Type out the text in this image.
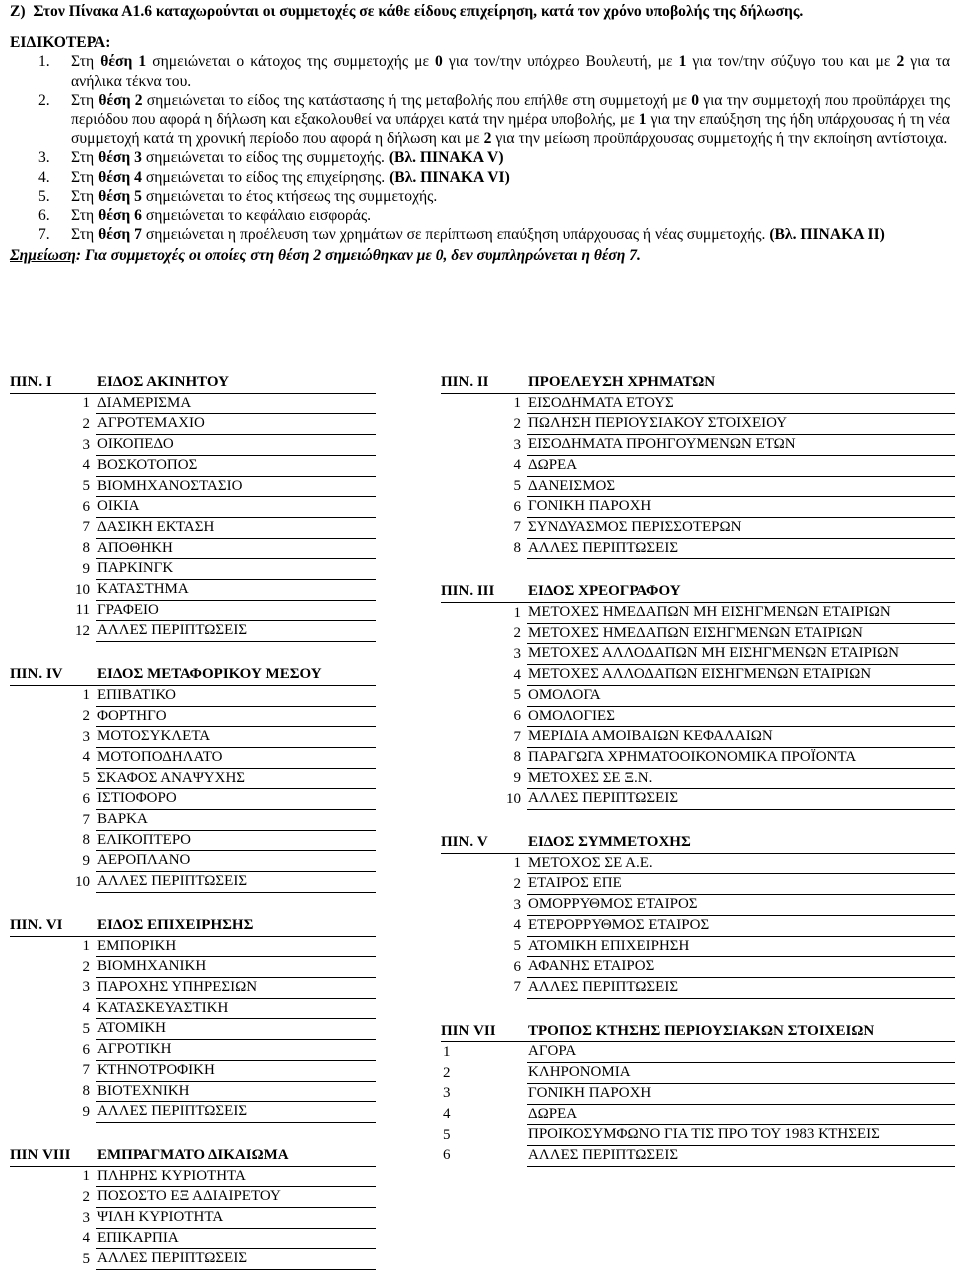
Ζ) Στον Πίνακα Α1.6 καταχωρούνται οι συμμετοχές σε κάθε είδους επιχείρηση, κατά τον χρόνο υποβολής της δήλωσης.

ΕΙΔΙΚΟΤΕΡΑ:

1. Στη θέση 1 σημειώνεται ο κάτοχος της συμμετοχής με 0 για τον/την υπόχρεο Βουλευτή, με 1 για τον/την σύζυγο του και με 2 για τα ανήλικα τέκνα του.
2. Στη θέση 2 σημειώνεται το είδος της κατάστασης ή της μεταβολής που επήλθε στη συμμετοχή με 0 για την συμμετοχή που προϋπάρχει της περιόδου που αφορά η δήλωση και εξακολουθεί να υπάρχει κατά την ημέρα υποβολής, με 1 για την επαύξηση της ήδη υπάρχουσας ή τη νέα συμμετοχή κατά τη χρονική περίοδο που αφορά η δήλωση και με 2 για την μείωση προϋπάρχουσας συμμετοχής ή την εκποίηση αντίστοιχα.
3. Στη θέση 3 σημειώνεται το είδος της συμμετοχής. (Βλ. ΠΙΝΑΚΑ V)
4. Στη θέση 4 σημειώνεται το είδος της επιχείρησης. (Βλ. ΠΙΝΑΚΑ VI)
5. Στη θέση 5 σημειώνεται το έτος κτήσεως της συμμετοχής.
6. Στη θέση 6 σημειώνεται το κεφάλαιο εισφοράς.
7. Στη θέση 7 σημειώνεται η προέλευση των χρημάτων σε περίπτωση επαύξηση υπάρχουσας ή νέας συμμετοχής. (Βλ. ΠΙΝΑΚΑ ΙΙ)

Σημείωση: Για συμμετοχές οι οποίες στη θέση 2 σημειώθηκαν με 0, δεν συμπληρώνεται η θέση 7.

ΠΙΝ. Ι	ΕΙΔΟΣ ΑΚΙΝΗΤΟΥ
1	ΔΙΑΜΕΡΙΣΜΑ
2	ΑΓΡΟΤΕΜΑΧΙΟ
3	ΟΙΚΟΠΕΔΟ
4	ΒΟΣΚΟΤΟΠΟΣ
5	ΒΙΟΜΗΧΑΝΟΣΤΑΣΙΟ
6	ΟΙΚΙΑ
7	ΔΑΣΙΚΗ ΕΚΤΑΣΗ
8	ΑΠΟΘΗΚΗ
9	ΠΑΡΚΙΝΓΚ
10	ΚΑΤΑΣΤΗΜΑ
11	ΓΡΑΦΕΙΟ
12	ΑΛΛΕΣ ΠΕΡΙΠΤΩΣΕΙΣ

ΠΙΝ. IV	ΕΙΔΟΣ ΜΕΤΑΦΟΡΙΚΟΥ ΜΕΣΟΥ
1	ΕΠΙΒΑΤΙΚΟ
2	ΦΟΡΤΗΓΟ
3	ΜΟΤΟΣΥΚΛΕΤΑ
4	ΜΟΤΟΠΟΔΗΛΑΤΟ
5	ΣΚΑΦΟΣ ΑΝΑΨΥΧΗΣ
6	ΙΣΤΙΟΦΟΡΟ
7	ΒΑΡΚΑ
8	ΕΛΙΚΟΠΤΕΡΟ
9	ΑΕΡΟΠΛΑΝΟ
10	ΑΛΛΕΣ ΠΕΡΙΠΤΩΣΕΙΣ

ΠΙΝ. VI	ΕΙΔΟΣ ΕΠΙΧΕΙΡΗΣΗΣ
1	ΕΜΠΟΡΙΚΗ
2	ΒΙΟΜΗΧΑΝΙΚΗ
3	ΠΑΡΟΧΗΣ ΥΠΗΡΕΣΙΩΝ
4	ΚΑΤΑΣΚΕΥΑΣΤΙΚΗ
5	ΑΤΟΜΙΚΗ
6	ΑΓΡΟΤΙΚΗ
7	ΚΤΗΝΟΤΡΟΦΙΚΗ
8	ΒΙΟΤΕΧΝΙΚΗ
9	ΑΛΛΕΣ ΠΕΡΙΠΤΩΣΕΙΣ

ΠΙΝ VIII	ΕΜΠΡΑΓΜΑΤΟ ΔΙΚΑΙΩΜΑ
1	ΠΛΗΡΗΣ ΚΥΡΙΟΤΗΤΑ
2	ΠΟΣΟΣΤΟ ΕΞ ΑΔΙΑΙΡΕΤΟΥ
3	ΨΙΛΗ ΚΥΡΙΟΤΗΤΑ
4	ΕΠΙΚΑΡΠΙΑ
5	ΑΛΛΕΣ ΠΕΡΙΠΤΩΣΕΙΣ
ΠΙΝ. ΙΙ	ΠΡΟΕΛΕΥΣΗ ΧΡΗΜΑΤΩΝ
1	ΕΙΣΟΔΗΜΑΤΑ ΕΤΟΥΣ
2	ΠΩΛΗΣΗ ΠΕΡΙΟΥΣΙΑΚΟΥ ΣΤΟΙΧΕΙΟΥ
3	ΕΙΣΟΔΗΜΑΤΑ ΠΡΟΗΓΟΥΜΕΝΩΝ ΕΤΩΝ
4	ΔΩΡΕΑ
5	ΔΑΝΕΙΣΜΟΣ
6	ΓΟΝΙΚΗ ΠΑΡΟΧΗ
7	ΣΥΝΔΥΑΣΜΟΣ ΠΕΡΙΣΣΟΤΕΡΩΝ
8	ΑΛΛΕΣ ΠΕΡΙΠΤΩΣΕΙΣ

ΠΙΝ. ΙΙΙ	ΕΙΔΟΣ ΧΡΕΟΓΡΑΦΟΥ
1	ΜΕΤΟΧΕΣ ΗΜΕΔΑΠΩΝ ΜΗ ΕΙΣΗΓΜΕΝΩΝ ΕΤΑΙΡΙΩΝ
2	ΜΕΤΟΧΕΣ ΗΜΕΔΑΠΩΝ ΕΙΣΗΓΜΕΝΩΝ ΕΤΑΙΡΙΩΝ
3	ΜΕΤΟΧΕΣ ΑΛΛΟΔΑΠΩΝ ΜΗ ΕΙΣΗΓΜΕΝΩΝ ΕΤΑΙΡΙΩΝ
4	ΜΕΤΟΧΕΣ ΑΛΛΟΔΑΠΩΝ ΕΙΣΗΓΜΕΝΩΝ ΕΤΑΙΡΙΩΝ
5	ΟΜΟΛΟΓΑ
6	ΟΜΟΛΟΓΙΕΣ
7	ΜΕΡΙΔΙΑ ΑΜΟΙΒΑΙΩΝ ΚΕΦΑΛΑΙΩΝ
8	ΠΑΡΑΓΩΓΑ ΧΡΗΜΑΤΟΟΙΚΟΝΟΜΙΚΑ ΠΡΟΪΟΝΤΑ
9	ΜΕΤΟΧΕΣ ΣΕ Ξ.Ν.
10	ΑΛΛΕΣ ΠΕΡΙΠΤΩΣΕΙΣ

ΠΙΝ. V	ΕΙΔΟΣ ΣΥΜΜΕΤΟΧΗΣ
1	ΜΕΤΟΧΟΣ ΣΕ Α.Ε.
2	ΕΤΑΙΡΟΣ ΕΠΕ
3	ΟΜΟΡΡΥΘΜΟΣ ΕΤΑΙΡΟΣ
4	ΕΤΕΡΟΡΡΥΘΜΟΣ ΕΤΑΙΡΟΣ
5	ΑΤΟΜΙΚΗ ΕΠΙΧΕΙΡΗΣΗ
6	ΑΦΑΝΗΣ ΕΤΑΙΡΟΣ
7	ΑΛΛΕΣ ΠΕΡΙΠΤΩΣΕΙΣ

ΠΙΝ VII	ΤΡΟΠΟΣ ΚΤΗΣΗΣ ΠΕΡΙΟΥΣΙΑΚΩΝ ΣΤΟΙΧΕΙΩΝ
1	ΑΓΟΡΑ
2	ΚΛΗΡΟΝΟΜΙΑ
3	ΓΟΝΙΚΗ ΠΑΡΟΧΗ
4	ΔΩΡΕΑ
5	ΠΡΟΙΚΟΣΥΜΦΩΝΟ ΓΙΑ ΤΙΣ ΠΡΟ ΤΟΥ 1983 ΚΤΗΣΕΙΣ
6	ΑΛΛΕΣ ΠΕΡΙΠΤΩΣΕΙΣ
